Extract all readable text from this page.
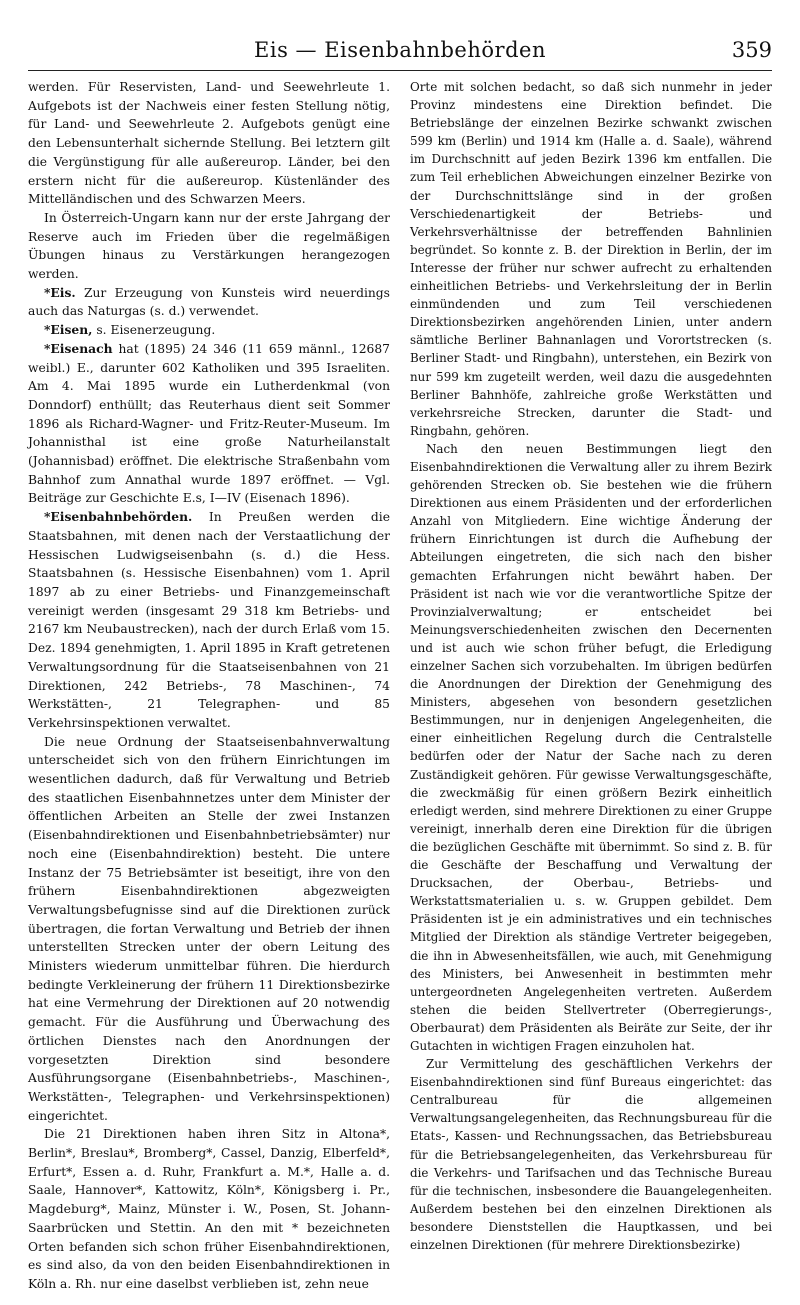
Eis — Eisenbahnbehörden	359

werden. Für Reservisten, Land- und Seewehrleute 1. Aufgebots ist der Nachweis einer festen Stellung nötig, für Land- und Seewehrleute 2. Aufgebots genügt eine den Lebensunterhalt sichernde Stellung. Bei letztern gilt die Vergünstigung für alle außereurop. Länder, bei den erstern nicht für die außereurop. Küstenländer des Mittelländischen und des Schwarzen Meers.

In Österreich-Ungarn kann nur der erste Jahrgang der Reserve auch im Frieden über die regelmäßigen Übungen hinaus zu Verstärkungen herangezogen werden.

*Eis. Zur Erzeugung von Kunsteis wird neuerdings auch das Naturgas (s. d.) verwendet.

*Eisen, s. Eisenerzeugung.

*Eisenach hat (1895) 24 346 (11 659 männl., 12687 weibl.) E., darunter 602 Katholiken und 395 Israeliten. Am 4. Mai 1895 wurde ein Lutherdenkmal (von Donndorf) enthüllt; das Reuterhaus dient seit Sommer 1896 als Richard-Wagner- und Fritz-Reuter-Museum. Im Johannisthal ist eine große Naturheilanstalt (Johannisbad) eröffnet. Die elektrische Straßenbahn vom Bahnhof zum Annathal wurde 1897 eröffnet. — Vgl. Beiträge zur Geschichte E.s, I—IV (Eisenach 1896).

*Eisenbahnbehörden. In Preußen werden die Staatsbahnen, mit denen nach der Verstaatlichung der Hessischen Ludwigseisenbahn (s. d.) die Hess. Staatsbahnen (s. Hessische Eisenbahnen) vom 1. April 1897 ab zu einer Betriebs- und Finanzgemeinschaft vereinigt werden (insgesamt 29 318 km Betriebs- und 2167 km Neubaustrecken), nach der durch Erlaß vom 15. Dez. 1894 genehmigten, 1. April 1895 in Kraft getretenen Verwaltungsordnung für die Staatseisenbahnen von 21 Direktionen, 242 Betriebs-, 78 Maschinen-, 74 Werkstätten-, 21 Telegraphen- und 85 Verkehrsinspektionen verwaltet.

Die neue Ordnung der Staatseisenbahnverwaltung unterscheidet sich von den frühern Einrichtungen im wesentlichen dadurch, daß für Verwaltung und Betrieb des staatlichen Eisenbahnnetzes unter dem Minister der öffentlichen Arbeiten an Stelle der zwei Instanzen (Eisenbahndirektionen und Eisenbahnbetriebsämter) nur noch eine (Eisenbahndirektion) besteht. Die untere Instanz der 75 Betriebsämter ist beseitigt, ihre von den frühern Eisenbahndirektionen abgezweigten Verwaltungsbefugnisse sind auf die Direktionen zurück übertragen, die fortan Verwaltung und Betrieb der ihnen unterstellten Strecken unter der obern Leitung des Ministers wiederum unmittelbar führen. Die hierdurch bedingte Verkleinerung der frühern 11 Direktionsbezirke hat eine Vermehrung der Direktionen auf 20 notwendig gemacht. Für die Ausführung und Überwachung des örtlichen Dienstes nach den Anordnungen der vorgesetzten Direktion sind besondere Ausführungsorgane (Eisenbahnbetriebs-, Maschinen-, Werkstätten-, Telegraphen- und Verkehrsinspektionen) eingerichtet.

Die 21 Direktionen haben ihren Sitz in Altona*, Berlin*, Breslau*, Bromberg*, Cassel, Danzig, Elberfeld*, Erfurt*, Essen a. d. Ruhr, Frankfurt a. M.*, Halle a. d. Saale, Hannover*, Kattowitz, Köln*, Königsberg i. Pr., Magdeburg*, Mainz, Münster i. W., Posen, St. Johann-Saarbrücken und Stettin. An den mit * bezeichneten Orten befanden sich schon früher Eisenbahndirektionen, es sind also, da von den beiden Eisenbahndirektionen in Köln a. Rh. nur eine daselbst verblieben ist, zehn neue

Orte mit solchen bedacht, so daß sich nunmehr in jeder Provinz mindestens eine Direktion befindet. Die Betriebslänge der einzelnen Bezirke schwankt zwischen 599 km (Berlin) und 1914 km (Halle a. d. Saale), während im Durchschnitt auf jeden Bezirk 1396 km entfallen. Die zum Teil erheblichen Abweichungen einzelner Bezirke von der Durchschnittslänge sind in der großen Verschiedenartigkeit der Betriebs- und Verkehrsverhältnisse der betreffenden Bahnlinien begründet. So konnte z. B. der Direktion in Berlin, der im Interesse der früher nur schwer aufrecht zu erhaltenden einheitlichen Betriebs- und Verkehrsleitung der in Berlin einmündenden und zum Teil verschiedenen Direktionsbezirken angehörenden Linien, unter andern sämtliche Berliner Bahnanlagen und Vorortstrecken (s. Berliner Stadt- und Ringbahn), unterstehen, ein Bezirk von nur 599 km zugeteilt werden, weil dazu die ausgedehnten Berliner Bahnhöfe, zahlreiche große Werkstätten und verkehrsreiche Strecken, darunter die Stadt- und Ringbahn, gehören.

Nach den neuen Bestimmungen liegt den Eisenbahndirektionen die Verwaltung aller zu ihrem Bezirk gehörenden Strecken ob. Sie bestehen wie die frühern Direktionen aus einem Präsidenten und der erforderlichen Anzahl von Mitgliedern. Eine wichtige Änderung der frühern Einrichtungen ist durch die Aufhebung der Abteilungen eingetreten, die sich nach den bisher gemachten Erfahrungen nicht bewährt haben. Der Präsident ist nach wie vor die verantwortliche Spitze der Provinzialverwaltung; er entscheidet bei Meinungsverschiedenheiten zwischen den Decernenten und ist auch wie schon früher befugt, die Erledigung einzelner Sachen sich vorzubehalten. Im übrigen bedürfen die Anordnungen der Direktion der Genehmigung des Ministers, abgesehen von besondern gesetzlichen Bestimmungen, nur in denjenigen Angelegenheiten, die einer einheitlichen Regelung durch die Centralstelle bedürfen oder der Natur der Sache nach zu deren Zuständigkeit gehören. Für gewisse Verwaltungsgeschäfte, die zweckmäßig für einen größern Bezirk einheitlich erledigt werden, sind mehrere Direktionen zu einer Gruppe vereinigt, innerhalb deren eine Direktion für die übrigen die bezüglichen Geschäfte mit übernimmt. So sind z. B. für die Geschäfte der Beschaffung und Verwaltung der Drucksachen, der Oberbau-, Betriebs- und Werkstattsmaterialien u. s. w. Gruppen gebildet. Dem Präsidenten ist je ein administratives und ein technisches Mitglied der Direktion als ständige Vertreter beigegeben, die ihn in Abwesenheitsfällen, wie auch, mit Genehmigung des Ministers, bei Anwesenheit in bestimmten mehr untergeordneten Angelegenheiten vertreten. Außerdem stehen die beiden Stellvertreter (Oberregierungs-, Oberbaurat) dem Präsidenten als Beiräte zur Seite, der ihr Gutachten in wichtigen Fragen einzuholen hat.

Zur Vermittelung des geschäftlichen Verkehrs der Eisenbahndirektionen sind fünf Bureaus eingerichtet: das Centralbureau für die allgemeinen Verwaltungsangelegenheiten, das Rechnungsbureau für die Etats-, Kassen- und Rechnungssachen, das Betriebsbureau für die Betriebsangelegenheiten, das Verkehrsbureau für die Verkehrs- und Tarifsachen und das Technische Bureau für die technischen, insbesondere die Bauangelegenheiten. Außerdem bestehen bei den einzelnen Direktionen als besondere Dienststellen die Hauptkassen, und bei einzelnen Direktionen (für mehrere Direktionsbezirke)
